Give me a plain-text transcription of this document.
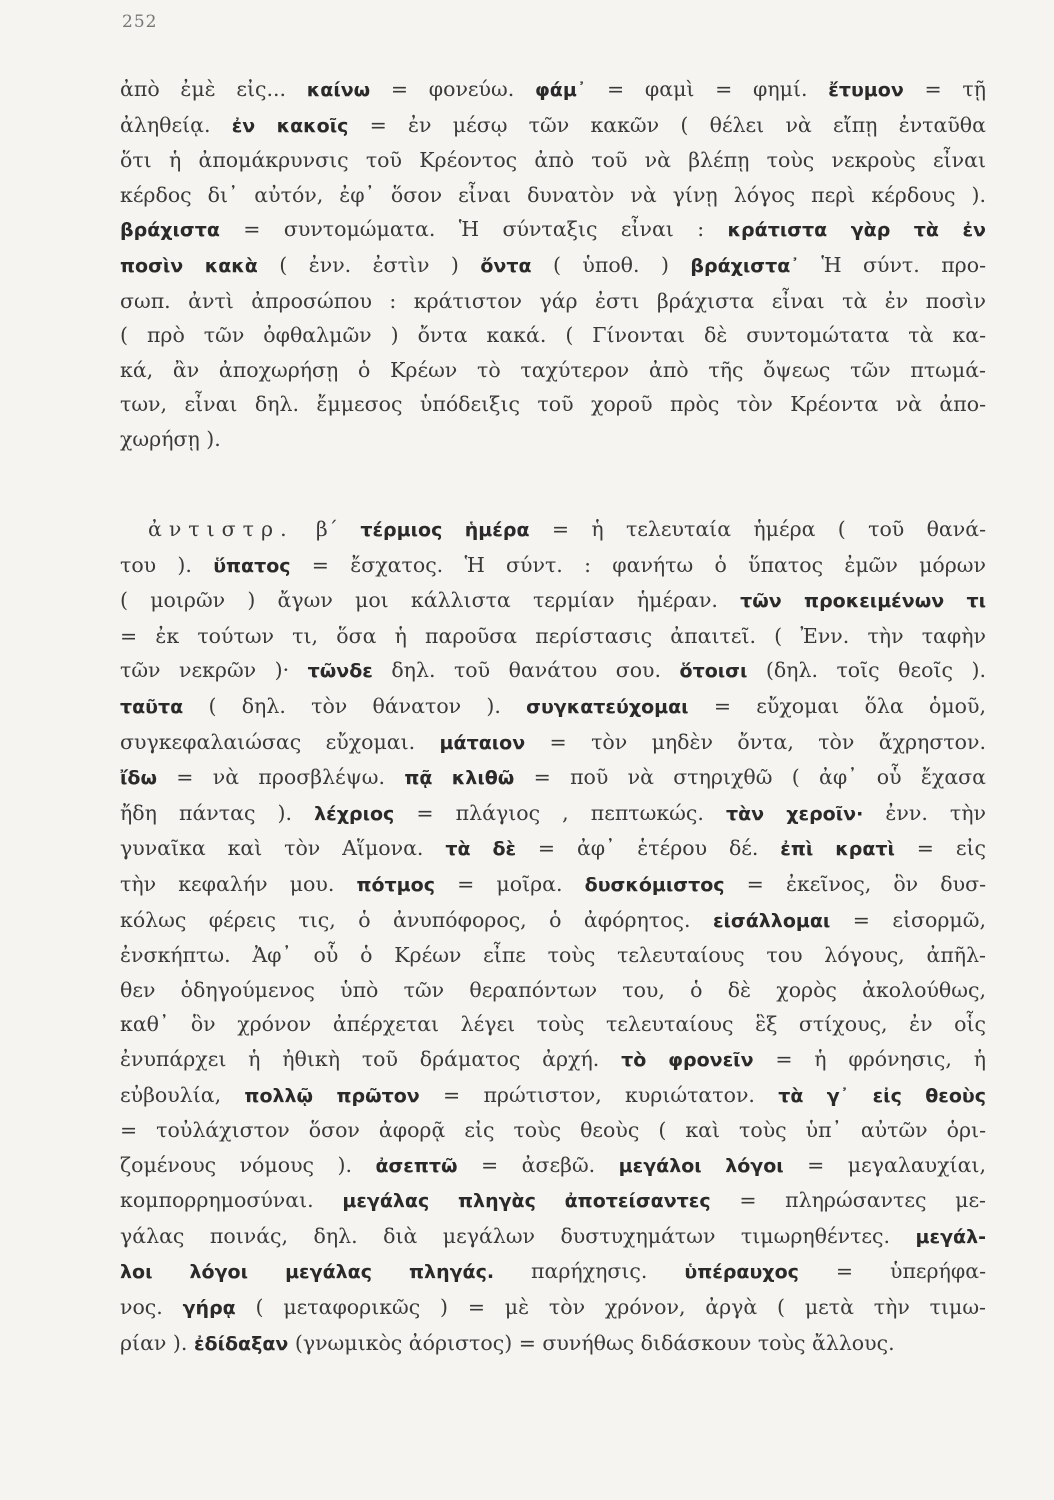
252
ἀπὸ ἐμὲ εἰς... καίνω = φονεύω. φάμ᾽ = φαμὶ = φημί. ἔτυμον = τῇ
ἀληθείᾳ. ἐν κακοῖς = ἐν μέσῳ τῶν κακῶν ( θέλει νὰ εἴπῃ ἐνταῦθα
ὅτι ἡ ἀπομάκρυνσις τοῦ Κρέοντος ἀπὸ τοῦ νὰ βλέπῃ τοὺς νεκροὺς εἶναι
κέρδος δι᾽ αὐτόν, ἐφ᾽ ὅσον εἶναι δυνατὸν νὰ γίνῃ λόγος περὶ κέρδους ).
βράχιστα = συντομώματα. Ἡ σύνταξις εἶναι : κράτιστα γὰρ τὰ ἐν
ποσὶν κακὰ ( ἐνν. ἐστὶν ) ὄντα ( ὑποθ. ) βράχιστα᾽ Ἡ σύντ. προ-
σωπ. ἀντὶ ἀπροσώπου : κράτιστον γάρ ἐστι βράχιστα εἶναι τὰ ἐν ποσὶν
( πρὸ τῶν ὀφθαλμῶν ) ὄντα κακά. ( Γίνονται δὲ συντομώτατα τὰ κα-
κά, ἂν ἀποχωρήσῃ ὁ Κρέων τὸ ταχύτερον ἀπὸ τῆς ὄψεως τῶν πτωμά-
των, εἶναι δηλ. ἔμμεσος ὑπόδειξις τοῦ χοροῦ πρὸς τὸν Κρέοντα νὰ ἀπο-
χωρήσῃ ).
ἀντιστρ. β΄ τέρμιος ἡμέρα = ἡ τελευταία ἡμέρα ( τοῦ θανά-
του ). ὕπατος = ἔσχατος. Ἡ σύντ. : φανήτω ὁ ὕπατος ἐμῶν μόρων
( μοιρῶν ) ἄγων μοι κάλλιστα τερμίαν ἡμέραν. τῶν προκειμένων τι
= ἐκ τούτων τι, ὅσα ἡ παροῦσα περίστασις ἀπαιτεῖ. ( Ἐνν. τὴν ταφὴν
τῶν νεκρῶν )· τῶνδε δηλ. τοῦ θανάτου σου. ὅτοισι (δηλ. τοῖς θεοῖς ).
ταῦτα ( δηλ. τὸν θάνατον ). συγκατεύχομαι = εὔχομαι ὅλα ὁμοῦ,
συγκεφαλαιώσας εὔχομαι. μάταιον = τὸν μηδὲν ὄντα, τὸν ἄχρηστον.
ἴδω = νὰ προσβλέψω. πᾷ κλιθῶ = ποῦ νὰ στηριχθῶ ( ἀφ᾽ οὗ ἔχασα
ἤδη πάντας ). λέχριος = πλάγιος , πεπτωκώς. τὰν χεροῖν· ἐνν. τὴν
γυναῖκα καὶ τὸν Αἵμονα. τὰ δὲ = ἀφ᾽ ἑτέρου δέ. ἐπὶ κρατὶ = εἰς
τὴν κεφαλήν μου. πότμος = μοῖρα. δυσκόμιστος = ἐκεῖνος, ὃν δυσ-
κόλως φέρεις τις, ὁ ἀνυπόφορος, ὁ ἀφόρητος. εἰσάλλομαι = εἰσορμῶ,
ἐνσκήπτω. Ἀφ᾽ οὗ ὁ Κρέων εἶπε τοὺς τελευταίους του λόγους, ἀπῆλ-
θεν ὁδηγούμενος ὑπὸ τῶν θεραπόντων του, ὁ δὲ χορὸς ἀκολούθως,
καθ᾽ ὃν χρόνον ἀπέρχεται λέγει τοὺς τελευταίους ἓξ στίχους, ἐν οἷς
ἐνυπάρχει ἡ ἠθικὴ τοῦ δράματος ἀρχή. τὸ φρονεῖν = ἡ φρόνησις, ἡ
εὐβουλία, πολλῷ πρῶτον = πρώτιστον, κυριώτατον. τὰ γ᾽ εἰς θεοὺς
= τοὐλάχιστον ὅσον ἀφορᾷ εἰς τοὺς θεοὺς ( καὶ τοὺς ὑπ᾽ αὐτῶν ὁρι-
ζομένους νόμους ). ἀσεπτῶ = ἀσεβῶ. μεγάλοι λόγοι = μεγαλαυχίαι,
κομπορρημοσύναι. μεγάλας πληγὰς ἀποτείσαντες = πληρώσαντες με-
γάλας ποινάς, δηλ. διὰ μεγάλων δυστυχημάτων τιμωρηθέντες. μεγάλ-
λοι λόγοι μεγάλας πληγάς. παρήχησις. ὑπέραυχος = ὑπερήφα-
νος. γήρᾳ ( μεταφορικῶς ) = μὲ τὸν χρόνον, ἀργὰ ( μετὰ τὴν τιμω-
ρίαν ). ἐδίδαξαν (γνωμικὸς ἀόριστος) = συνήθως διδάσκουν τοὺς ἄλλους.
